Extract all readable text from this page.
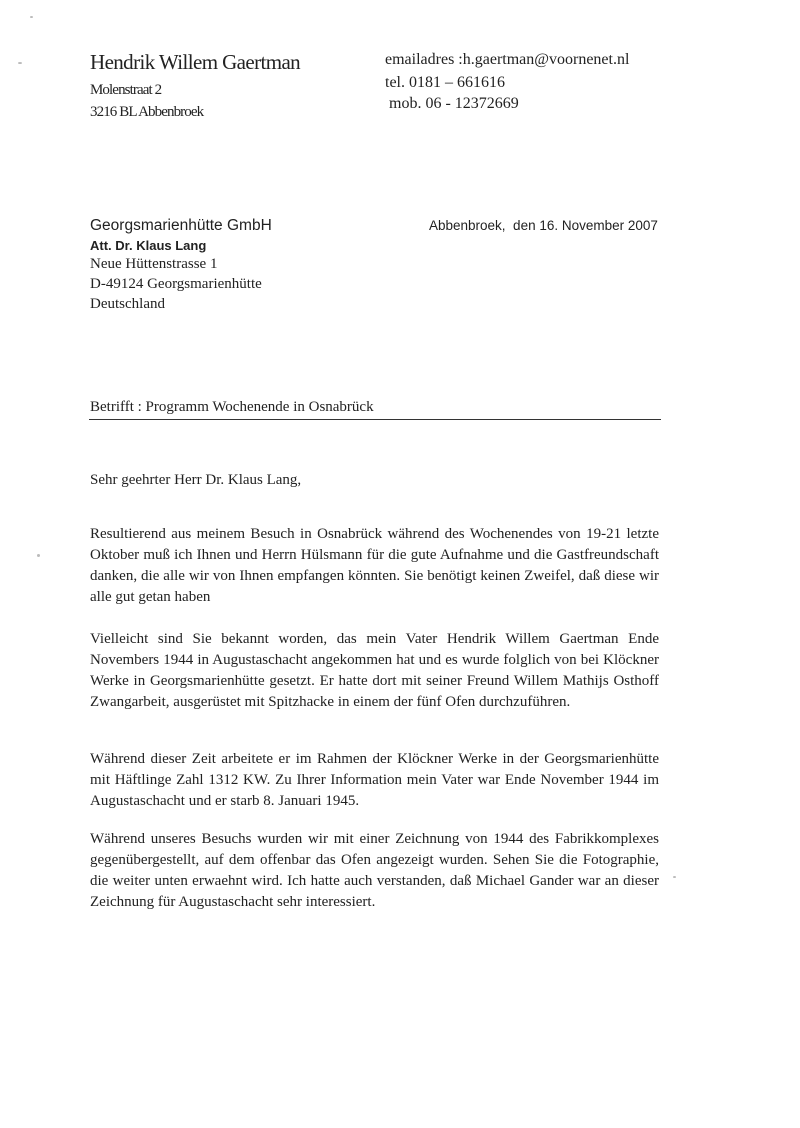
Hendrik Willem Gaertman
Molenstraat 2
3216 BL Abbenbroek
emailadres :h.gaertman@voornenet.nl
tel. 0181 – 661616
mob. 06 - 12372669
Georgsmarienhütte GmbH
Att. Dr. Klaus Lang
Neue Hüttenstrasse 1
D-49124 Georgsmarienhütte
Deutschland
Abbenbroek,  den 16. November 2007
Betrifft : Programm Wochenende in Osnabrück
Sehr geehrter Herr Dr. Klaus Lang,
Resultierend aus meinem Besuch in Osnabrück während des Wochenendes von 19-21 letzte Oktober muß ich Ihnen und Herrn Hülsmann für die gute Aufnahme und die Gastfreundschaft danken, die alle wir von Ihnen empfangen könnten. Sie benötigt keinen Zweifel, daß diese wir alle gut getan haben
Vielleicht sind Sie bekannt worden, das mein Vater Hendrik Willem Gaertman Ende Novembers 1944 in Augustaschacht angekommen hat und es wurde folglich von bei Klöckner Werke in Georgsmarienhütte gesetzt. Er hatte dort mit seiner Freund Willem Mathijs Osthoff Zwangarbeit, ausgerüstet mit Spitzhacke in einem der fünf Ofen durchzuführen.
Während dieser Zeit arbeitete er im Rahmen der Klöckner Werke in der Georgsmarienhütte mit Häftlinge Zahl 1312 KW. Zu Ihrer Information mein Vater war Ende November 1944 im Augustaschacht und er starb 8. Januari 1945.
Während unseres Besuchs wurden wir mit einer Zeichnung von 1944 des Fabrikkomplexes gegenübergestellt, auf dem offenbar das Ofen angezeigt wurden. Sehen Sie die Fotographie, die weiter unten erwaehnt wird. Ich hatte auch verstanden, daß Michael Gander war an dieser Zeichnung für Augustaschacht sehr interessiert.
